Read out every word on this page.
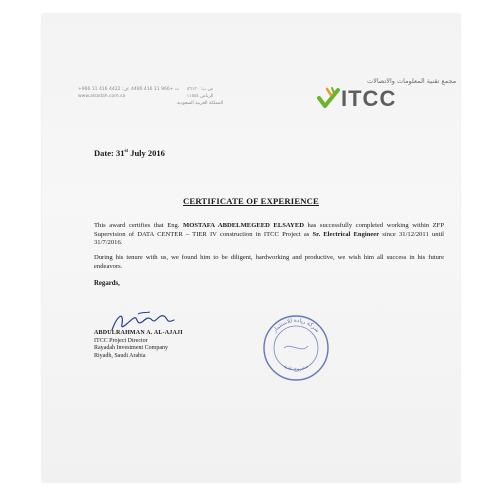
+966 11 416 4422 :ت +966 11 416 4486 :ف
www.alsadah.com.sa
ص.ب: ٥٦١٣٠
الرياض ١١٥٥٤
المملكة العربية السعودية
مجمع تقنية المعلومات والاتصالات
ITCC
Date: 31st July 2016
CERTIFICATE OF EXPERIENCE
This award certifies that Eng. MOSTAFA ABDELMEGEED ELSAYED has successfully completed working within ZFP Supervision of DATA CENTER – TIER IV construction in ITCC Project as Sr. Electrical Engineer since 31/12/2011 until 31/7/2016.
During his tenure with us, we found him to be diligent, hardworking and productive, we wish him all success in his future endeavors.
Regards,
ABDULRAHMAN A. AL-AJAJI
ITCC Project Director
Rayadah Investment Company
Riyadh, Saudi Arabia
شركة ريادة للاستثمار
مشروع تقنية
